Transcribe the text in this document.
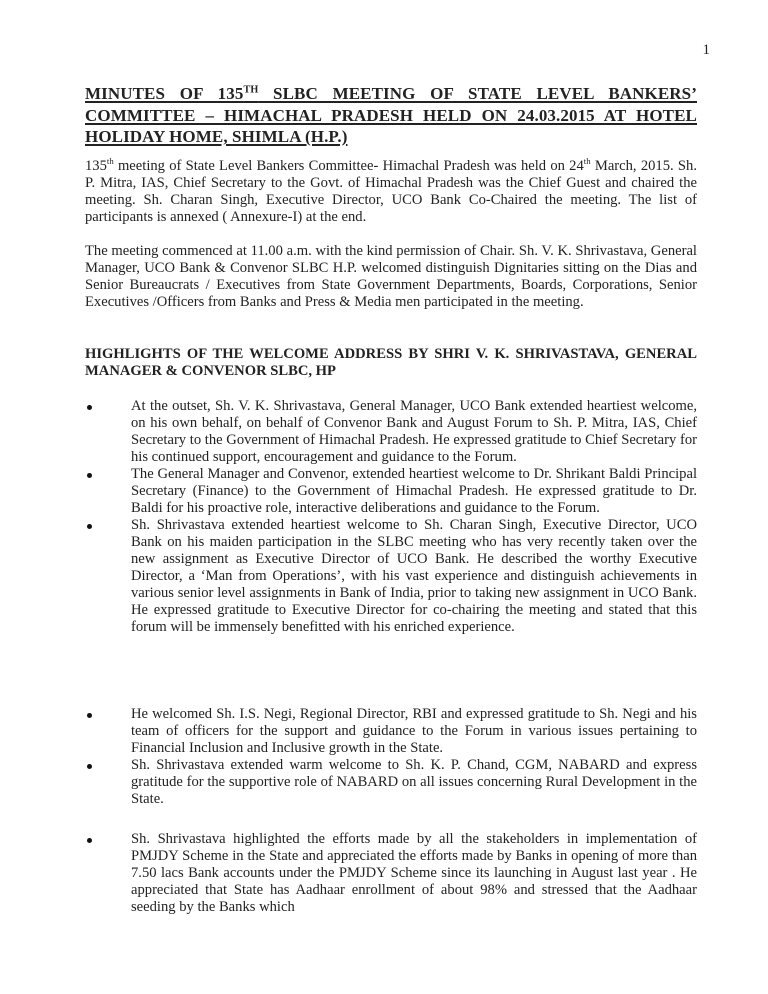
1
MINUTES OF 135TH SLBC MEETING OF STATE LEVEL BANKERS’ COMMITTEE – HIMACHAL PRADESH HELD ON 24.03.2015 AT HOTEL HOLIDAY HOME, SHIMLA (H.P.)
135th meeting of State Level Bankers Committee- Himachal Pradesh was held on 24th March, 2015. Sh. P. Mitra, IAS, Chief Secretary to the Govt. of Himachal Pradesh was the Chief Guest and chaired the meeting. Sh. Charan Singh, Executive Director, UCO Bank Co-Chaired the meeting. The list of participants is annexed ( Annexure-I) at the end.
The meeting commenced at 11.00 a.m. with the kind permission of Chair. Sh. V. K. Shrivastava, General Manager, UCO Bank & Convenor SLBC H.P. welcomed distinguish Dignitaries sitting on the Dias and Senior Bureaucrats / Executives from State Government Departments, Boards, Corporations, Senior Executives /Officers from Banks and Press & Media men participated in the meeting.
HIGHLIGHTS OF THE WELCOME ADDRESS BY SHRI V. K. SHRIVASTAVA, GENERAL MANAGER & CONVENOR SLBC, HP
At the outset, Sh. V. K. Shrivastava, General Manager, UCO Bank extended heartiest welcome, on his own behalf, on behalf of Convenor Bank and August Forum to Sh. P. Mitra, IAS, Chief Secretary to the Government of Himachal Pradesh. He expressed gratitude to Chief Secretary for his continued support, encouragement and guidance to the Forum.
The General Manager and Convenor, extended heartiest welcome to Dr. Shrikant Baldi Principal Secretary (Finance) to the Government of Himachal Pradesh. He expressed gratitude to Dr. Baldi for his proactive role, interactive deliberations and guidance to the Forum.
Sh. Shrivastava extended heartiest welcome to Sh. Charan Singh, Executive Director, UCO Bank on his maiden participation in the SLBC meeting who has very recently taken over the new assignment as Executive Director of UCO Bank. He described the worthy Executive Director, a ‘Man from Operations’, with his vast experience and distinguish achievements in various senior level assignments in Bank of India, prior to taking new assignment in UCO Bank. He expressed gratitude to Executive Director for co-chairing the meeting and stated that this forum will be immensely benefitted with his enriched experience.
He welcomed Sh. I.S. Negi, Regional Director, RBI and expressed gratitude to Sh. Negi and his team of officers for the support and guidance to the Forum in various issues pertaining to Financial Inclusion and Inclusive growth in the State.
Sh. Shrivastava extended warm welcome to Sh. K. P. Chand, CGM, NABARD and express gratitude for the supportive role of NABARD on all issues concerning Rural Development in the State.
Sh. Shrivastava highlighted the efforts made by all the stakeholders in implementation of PMJDY Scheme in the State and appreciated the efforts made by Banks in opening of more than 7.50 lacs Bank accounts under the PMJDY Scheme since its launching in August last year . He appreciated that State has Aadhaar enrollment of about 98% and stressed that the Aadhaar seeding by the Banks which
